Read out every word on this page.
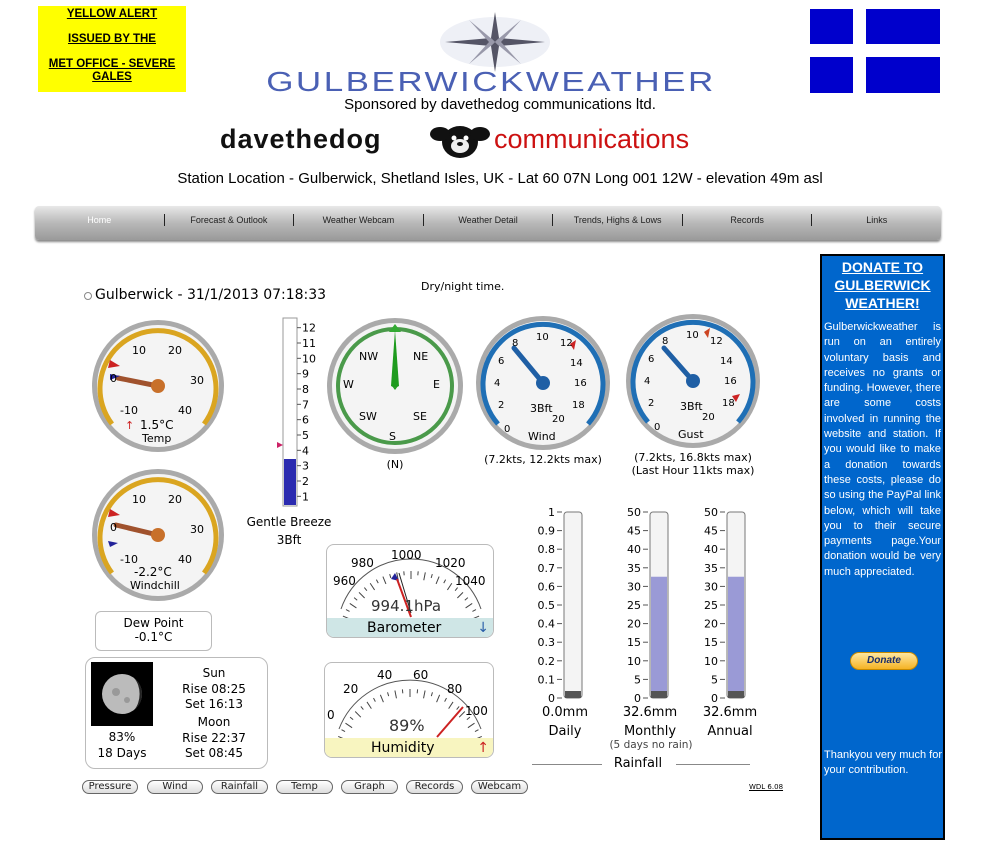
YELLOW ALERT
ISSUED BY THE
MET OFFICE - SEVERE GALES	GULBERWICKWEATHER
Sponsored by davethedog communications ltd.
davethedog	communications
Station Location - Gulberwick, Shetland Isles, UK - Lat 60 07N Long 001 12W - elevation 49m asl
Home	Forecast & Outlook	Weather Webcam	Weather Detail	Trends, Highs & Lows	Records	Links
Gulberwick - 31/1/2013 07:18:33
Dry/night time.
-10
0
10 20
30
40
↑ 1.5°C
Temp
-10
0
10 20
30
40
-2.2°C
Windchill
1
2
3
4
5
6
7
8
9
10
11
12
Gentle Breeze
3Bft
S
E
W
NE
NW
SW	SE
(N)
0
2
4
6
8
10
12
14
16
18
20
3Bft
Wind
(7.2kts, 12.2kts max)
0
2
4
6
8
10
12
14
16
18
20
3Bft
Gust
(7.2kts, 16.8kts max)
(Last Hour 11kts max)
Dew Point
-0.1°C
83%
18 Days
Sun
Rise 08:25
Set 16:13
Moon
Rise 22:37
Set 08:45
960
980
1000
1020
1040
994.1hPa
Barometer	↓
0
20
40 60
80
100
89%
Humidity	↑
0
0.1
0.2
0.3
0.4
0.5
0.6
0.7
0.8
0.9
1
0
5
10
15
20
25
30
35
40
45
50
0
5
10
15
20
25
30
35
40
45
50
0.0mm
Daily
32.6mm
Monthly
(5 days no rain)
32.6mm
Annual
Rainfall
Pressure	Wind	Rainfall	Temp	Graph	Records	Webcam	WDL 6.08
DONATE TO GULBERWICK WEATHER!
Gulberwickweather is run on an entirely voluntary basis and receives no grants or funding. However, there are some costs involved in running the website and station. If you would like to make a donation towards these costs, please do so using the PayPal link below, which will take you to their secure payments page.Your donation would be very much appreciated.
Donate
Thankyou very much for your contribution.
